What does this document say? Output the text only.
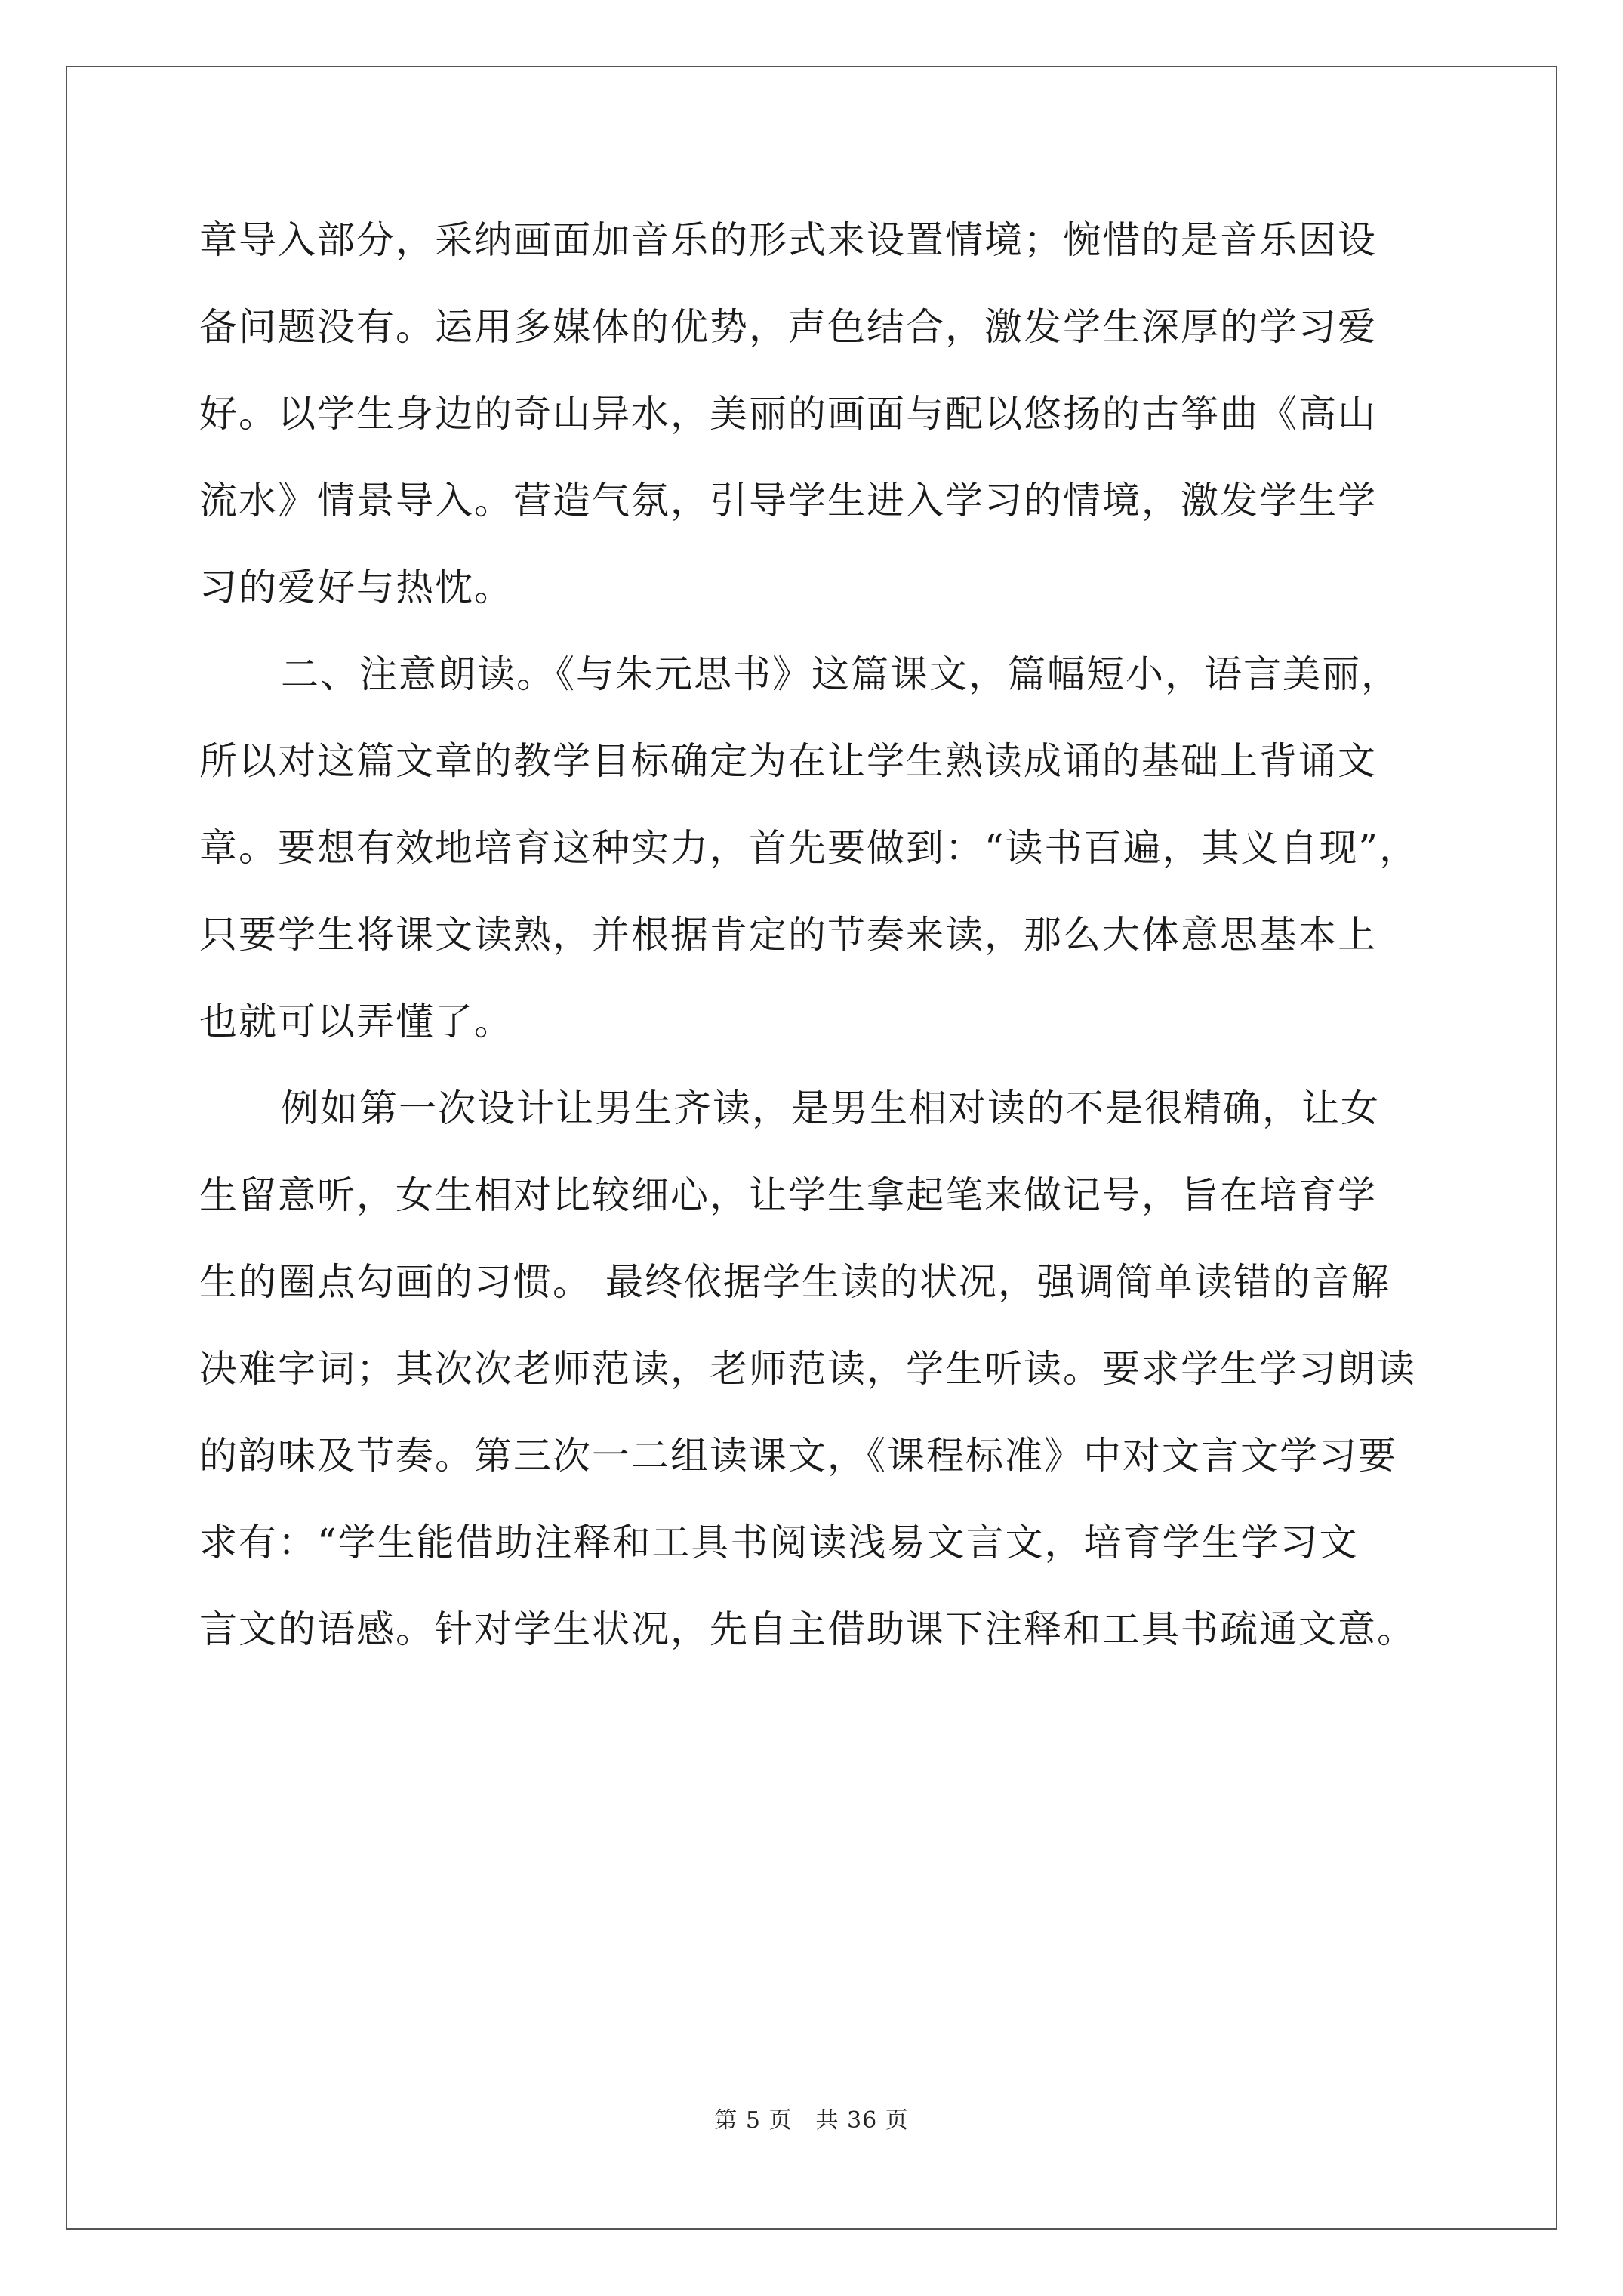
章导入部分，采纳画面加音乐的形式来设置情境；惋惜的是音乐因设
备问题没有。运用多媒体的优势，声色结合，激发学生深厚的学习爱
好。以学生身边的奇山异水，美丽的画面与配以悠扬的古筝曲《高山
流水》情景导入。营造气氛，引导学生进入学习的情境，激发学生学
习的爱好与热忱。
二、注意朗读。《与朱元思书》这篇课文，篇幅短小，语言美丽，
所以对这篇文章的教学目标确定为在让学生熟读成诵的基础上背诵文
章。要想有效地培育这种实力，首先要做到：“读书百遍，其义自现”，
只要学生将课文读熟，并根据肯定的节奏来读，那么大体意思基本上
也就可以弄懂了。
例如第一次设计让男生齐读，是男生相对读的不是很精确，让女
生留意听，女生相对比较细心，让学生拿起笔来做记号，旨在培育学
生的圈点勾画的习惯。 最终依据学生读的状况，强调简单读错的音解
决难字词；其次次老师范读，老师范读，学生听读。要求学生学习朗读
的韵味及节奏。第三次一二组读课文，《课程标准》中对文言文学习要
求有：“学生能借助注释和工具书阅读浅易文言文，培育学生学习文
言文的语感。针对学生状况，先自主借助课下注释和工具书疏通文意。
第 5 页　共 36 页
